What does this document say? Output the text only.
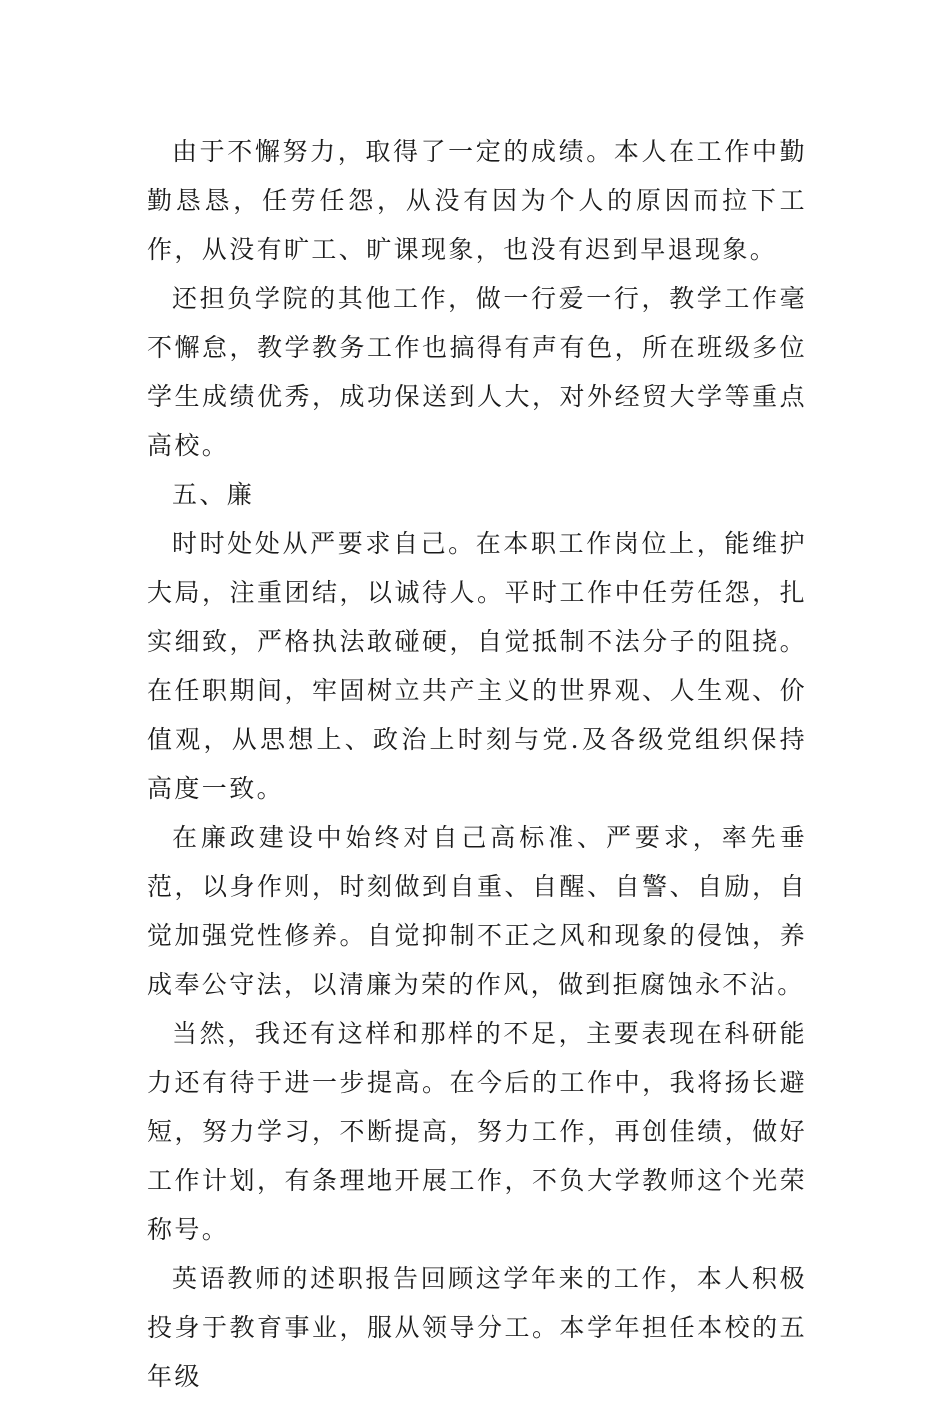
由于不懈努力，取得了一定的成绩。本人在工作中勤勤恳恳，任劳任怨，从没有因为个人的原因而拉下工作，从没有旷工、旷课现象，也没有迟到早退现象。

还担负学院的其他工作，做一行爱一行，教学工作毫不懈怠，教学教务工作也搞得有声有色，所在班级多位学生成绩优秀，成功保送到人大，对外经贸大学等重点高校。

五、廉

时时处处从严要求自己。在本职工作岗位上，能维护大局，注重团结，以诚待人。平时工作中任劳任怨，扎实细致，严格执法敢碰硬，自觉抵制不法分子的阻挠。在任职期间，牢固树立共产主义的世界观、人生观、价值观，从思想上、政治上时刻与党.及各级党组织保持高度一致。

在廉政建设中始终对自己高标准、严要求，率先垂范，以身作则，时刻做到自重、自醒、自警、自励，自觉加强党性修养。自觉抑制不正之风和现象的侵蚀，养成奉公守法，以清廉为荣的作风，做到拒腐蚀永不沾。

当然，我还有这样和那样的不足，主要表现在科研能力还有待于进一步提高。在今后的工作中，我将扬长避短，努力学习，不断提高，努力工作，再创佳绩，做好工作计划，有条理地开展工作，不负大学教师这个光荣称号。

英语教师的述职报告回顾这学年来的工作，本人积极投身于教育事业，服从领导分工。本学年担任本校的五年级
